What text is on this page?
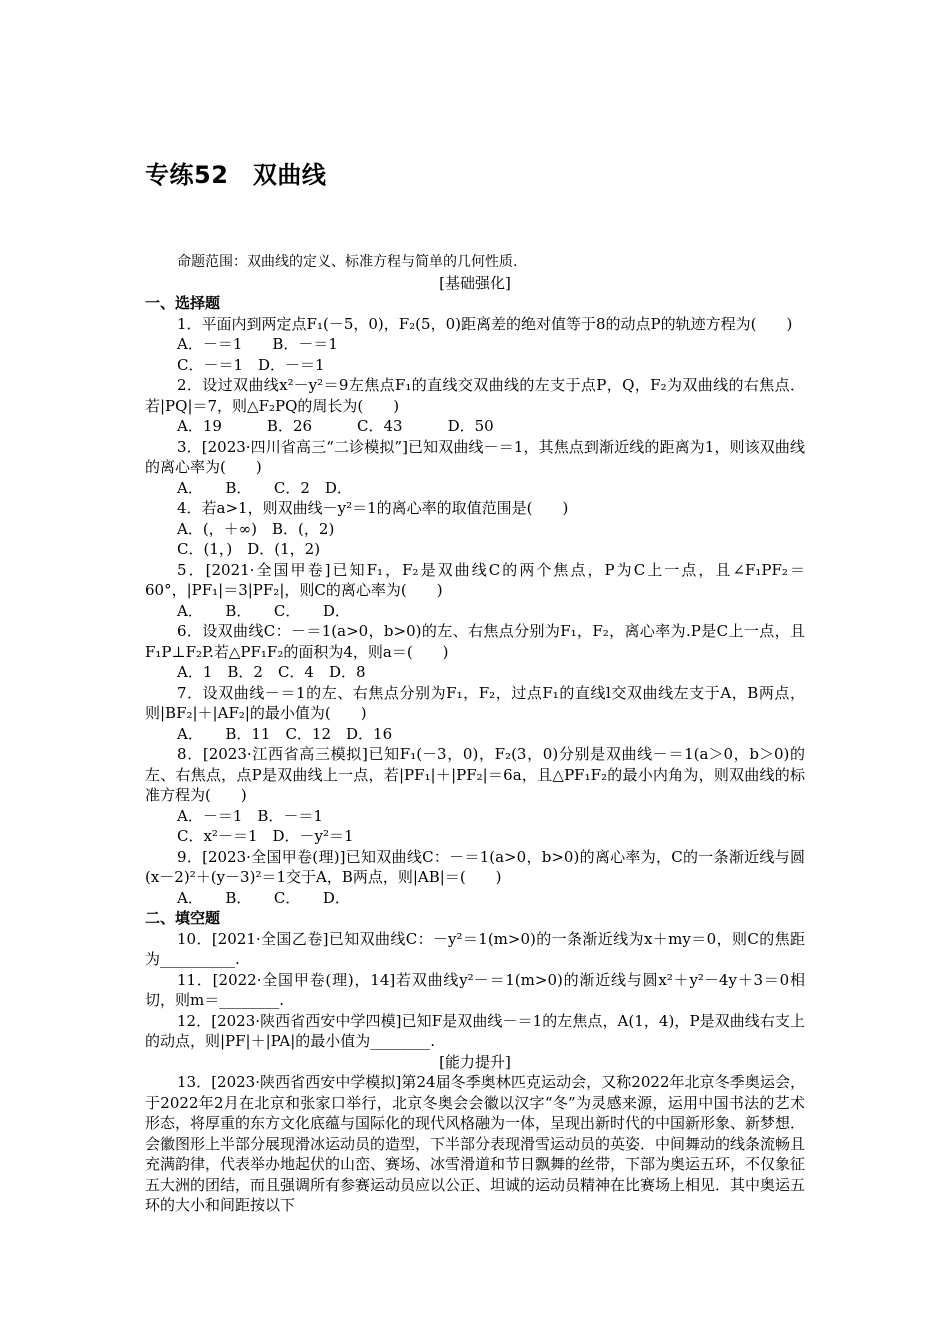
专练52　双曲线

命题范围：双曲线的定义、标准方程与简单的几何性质.

[基础强化]

一、选择题

1．平面内到两定点F₁(－5，0)，F₂(5，0)距离差的绝对值等于8的动点P的轨迹方程为(　　)

A．－＝1　　B．－＝1

C．－＝1　D．－＝1

2．设过双曲线x²－y²＝9左焦点F₁的直线交双曲线的左支于点P，Q，F₂为双曲线的右焦点．若|PQ|＝7，则△F₂PQ的周长为(　　)

A．19　　　B．26　　　C．43　　　D．50

3．[2023·四川省高三“二诊模拟”]已知双曲线－＝1，其焦点到渐近线的距离为1，则该双曲线的离心率为(　　)

A．　　B．　　C．2　D．

4．若a>1，则双曲线－y²＝1的离心率的取值范围是(　　)

A．(，＋∞)　B．(，2)

C．(1，)　D．(1，2)

5．[2021·全国甲卷]已知F₁，F₂是双曲线C的两个焦点，P为C上一点，且∠F₁PF₂＝60°，|PF₁|＝3|PF₂|，则C的离心率为(　　)

A．　　B．　　C．　　D．

6．设双曲线C：－＝1(a>0，b>0)的左、右焦点分别为F₁，F₂，离心率为.P是C上一点，且F₁P⊥F₂P.若△PF₁F₂的面积为4，则a＝(　　)

A．1　B．2　C．4　D．8

7．设双曲线－＝1的左、右焦点分别为F₁，F₂，过点F₁的直线l交双曲线左支于A，B两点，则|BF₂|＋|AF₂|的最小值为(　　)

A．　　B．11　C．12　D．16

8．[2023·江西省高三模拟]已知F₁(－3，0)，F₂(3，0)分别是双曲线－＝1(a＞0，b＞0)的左、右焦点，点P是双曲线上一点，若|PF₁|＋|PF₂|＝6a，且△PF₁F₂的最小内角为，则双曲线的标准方程为(　　)

A．－＝1　B．－＝1

C．x²－＝1　D．－y²＝1

9．[2023·全国甲卷(理)]已知双曲线C：－＝1(a>0，b>0)的离心率为，C的一条渐近线与圆(x－2)²＋(y－3)²＝1交于A，B两点，则|AB|＝(　　)

A．　　B．　　C．　　D．

二、填空题

10．[2021·全国乙卷]已知双曲线C：－y²＝1(m>0)的一条渐近线为x＋my＝0，则C的焦距为__________.

11．[2022·全国甲卷(理)，14]若双曲线y²－＝1(m>0)的渐近线与圆x²＋y²－4y＋3＝0相切，则m＝________.

12．[2023·陕西省西安中学四模]已知F是双曲线－＝1的左焦点，A(1，4)，P是双曲线右支上的动点，则|PF|＋|PA|的最小值为________.

[能力提升]

13．[2023·陕西省西安中学模拟]第24届冬季奥林匹克运动会，又称2022年北京冬季奥运会，于2022年2月在北京和张家口举行，北京冬奥会会徽以汉字“冬”为灵感来源，运用中国书法的艺术形态，将厚重的东方文化底蕴与国际化的现代风格融为一体，呈现出新时代的中国新形象、新梦想．会徽图形上半部分展现滑冰运动员的造型，下半部分表现滑雪运动员的英姿．中间舞动的线条流畅且充满韵律，代表举办地起伏的山峦、赛场、冰雪滑道和节日飘舞的丝带，下部为奥运五环，不仅象征五大洲的团结，而且强调所有参赛运动员应以公正、坦诚的运动员精神在比赛场上相见．其中奥运五环的大小和间距按以下
